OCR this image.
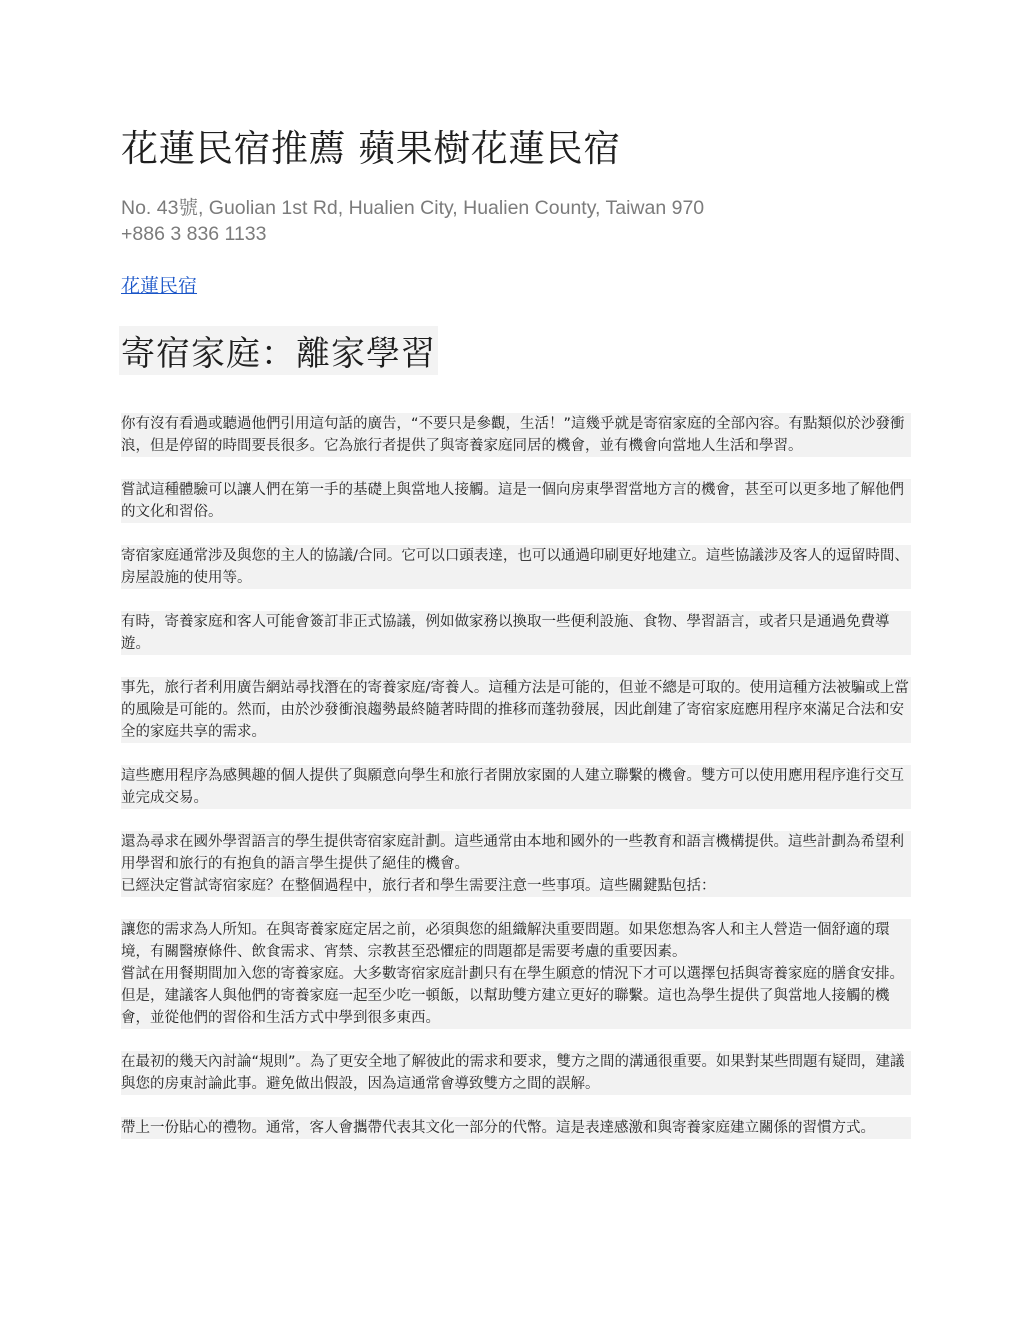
花蓮民宿推薦 蘋果樹花蓮民宿
No. 43號, Guolian 1st Rd, Hualien City, Hualien County, Taiwan 970
+886 3 836 1133
花蓮民宿
寄宿家庭：離家學習

你有沒有看過或聽過他們引用這句話的廣告，“不要只是參觀，生活！”這幾乎就是寄宿家庭的全部內容。有點類似於沙發衝浪，但是停留的時間要長很多。它為旅行者提供了與寄養家庭同居的機會，並有機會向當地人生活和學習。

嘗試這種體驗可以讓人們在第一手的基礎上與當地人接觸。這是一個向房東學習當地方言的機會，甚至可以更多地了解他們的文化和習俗。

寄宿家庭通常涉及與您的主人的協議/合同。它可以口頭表達，也可以通過印刷更好地建立。這些協議涉及客人的逗留時間、房屋設施的使用等。

有時，寄養家庭和客人可能會簽訂非正式協議，例如做家務以換取一些便利設施、食物、學習語言，或者只是通過免費導遊。

事先，旅行者利用廣告網站尋找潛在的寄養家庭/寄養人。這種方法是可能的，但並不總是可取的。使用這種方法被騙或上當的風險是可能的。然而，由於沙發衝浪趨勢最終隨著時間的推移而蓬勃發展，因此創建了寄宿家庭應用程序來滿足合法和安全的家庭共享的需求。

這些應用程序為感興趣的個人提供了與願意向學生和旅行者開放家園的人建立聯繫的機會。雙方可以使用應用程序進行交互並完成交易。

還為尋求在國外學習語言的學生提供寄宿家庭計劃。這些通常由本地和國外的一些教育和語言機構提供。這些計劃為希望利用學習和旅行的有抱負的語言學生提供了絕佳的機會。

已經決定嘗試寄宿家庭？在整個過程中，旅行者和學生需要注意一些事項。這些關鍵點包括：

讓您的需求為人所知。在與寄養家庭定居之前，必須與您的組織解決重要問題。如果您想為客人和主人營造一個舒適的環境，有關醫療條件、飲食需求、宵禁、宗教甚至恐懼症的問題都是需要考慮的重要因素。

嘗試在用餐期間加入您的寄養家庭。大多數寄宿家庭計劃只有在學生願意的情況下才可以選擇包括與寄養家庭的膳食安排。但是，建議客人與他們的寄養家庭一起至少吃一頓飯，以幫助雙方建立更好的聯繫。這也為學生提供了與當地人接觸的機會，並從他們的習俗和生活方式中學到很多東西。

在最初的幾天內討論“規則”。為了更安全地了解彼此的需求和要求，雙方之間的溝通很重要。如果對某些問題有疑問，建議與您的房東討論此事。避免做出假設，因為這通常會導致雙方之間的誤解。

帶上一份貼心的禮物。通常，客人會攜帶代表其文化一部分的代幣。這是表達感激和與寄養家庭建立關係的習慣方式。
